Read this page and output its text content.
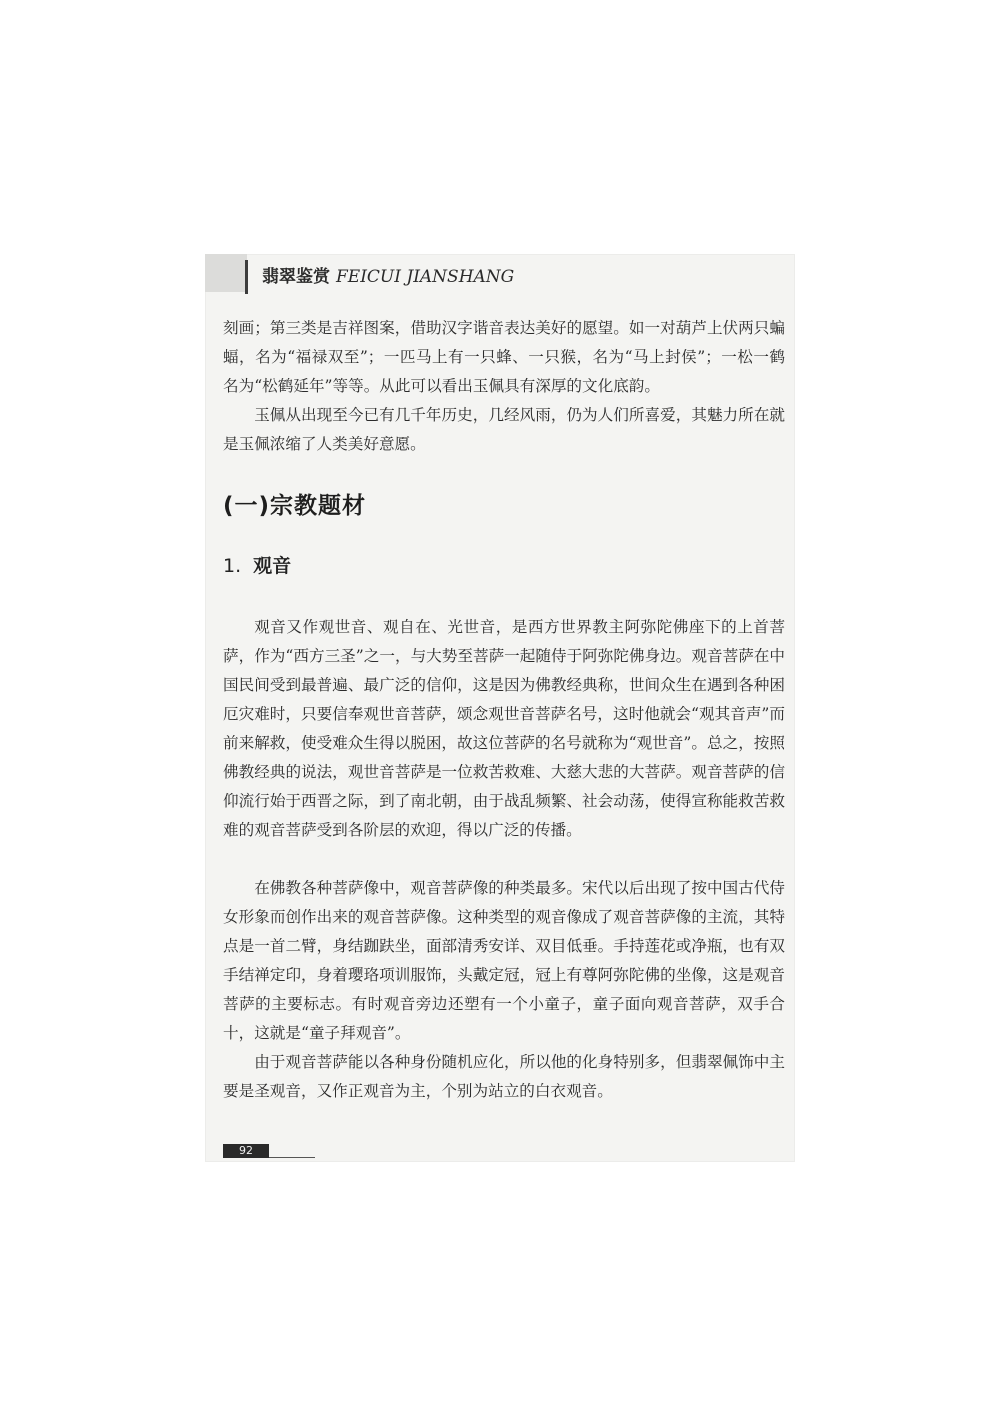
翡翠鉴赏 FEICUI JIANSHANG

刻画；第三类是吉祥图案，借助汉字谐音表达美好的愿望。如一对葫芦上伏两只蝙蝠，名为“福禄双至”；一匹马上有一只蜂、一只猴，名为“马上封侯”；一松一鹤名为“松鹤延年”等等。从此可以看出玉佩具有深厚的文化底韵。

玉佩从出现至今已有几千年历史，几经风雨，仍为人们所喜爱，其魅力所在就是玉佩浓缩了人类美好意愿。

(一)宗教题材
1. 观音

观音又作观世音、观自在、光世音，是西方世界教主阿弥陀佛座下的上首菩萨，作为“西方三圣”之一，与大势至菩萨一起随侍于阿弥陀佛身边。观音菩萨在中国民间受到最普遍、最广泛的信仰，这是因为佛教经典称，世间众生在遇到各种困厄灾难时，只要信奉观世音菩萨，颂念观世音菩萨名号，这时他就会“观其音声”而前来解救，使受难众生得以脱困，故这位菩萨的名号就称为“观世音”。总之，按照佛教经典的说法，观世音菩萨是一位救苦救难、大慈大悲的大菩萨。观音菩萨的信仰流行始于西晋之际，到了南北朝，由于战乱频繁、社会动荡，使得宣称能救苦救难的观音菩萨受到各阶层的欢迎，得以广泛的传播。

在佛教各种菩萨像中，观音菩萨像的种类最多。宋代以后出现了按中国古代侍女形象而创作出来的观音菩萨像。这种类型的观音像成了观音菩萨像的主流，其特点是一首二臂，身结跏趺坐，面部清秀安详、双目低垂。手持莲花或净瓶，也有双手结禅定印，身着璎珞项训服饰，头戴定冠，冠上有尊阿弥陀佛的坐像，这是观音菩萨的主要标志。有时观音旁边还塑有一个小童子，童子面向观音菩萨，双手合十，这就是“童子拜观音”。

由于观音菩萨能以各种身份随机应化，所以他的化身特别多，但翡翠佩饰中主要是圣观音，又作正观音为主，个别为站立的白衣观音。

92
